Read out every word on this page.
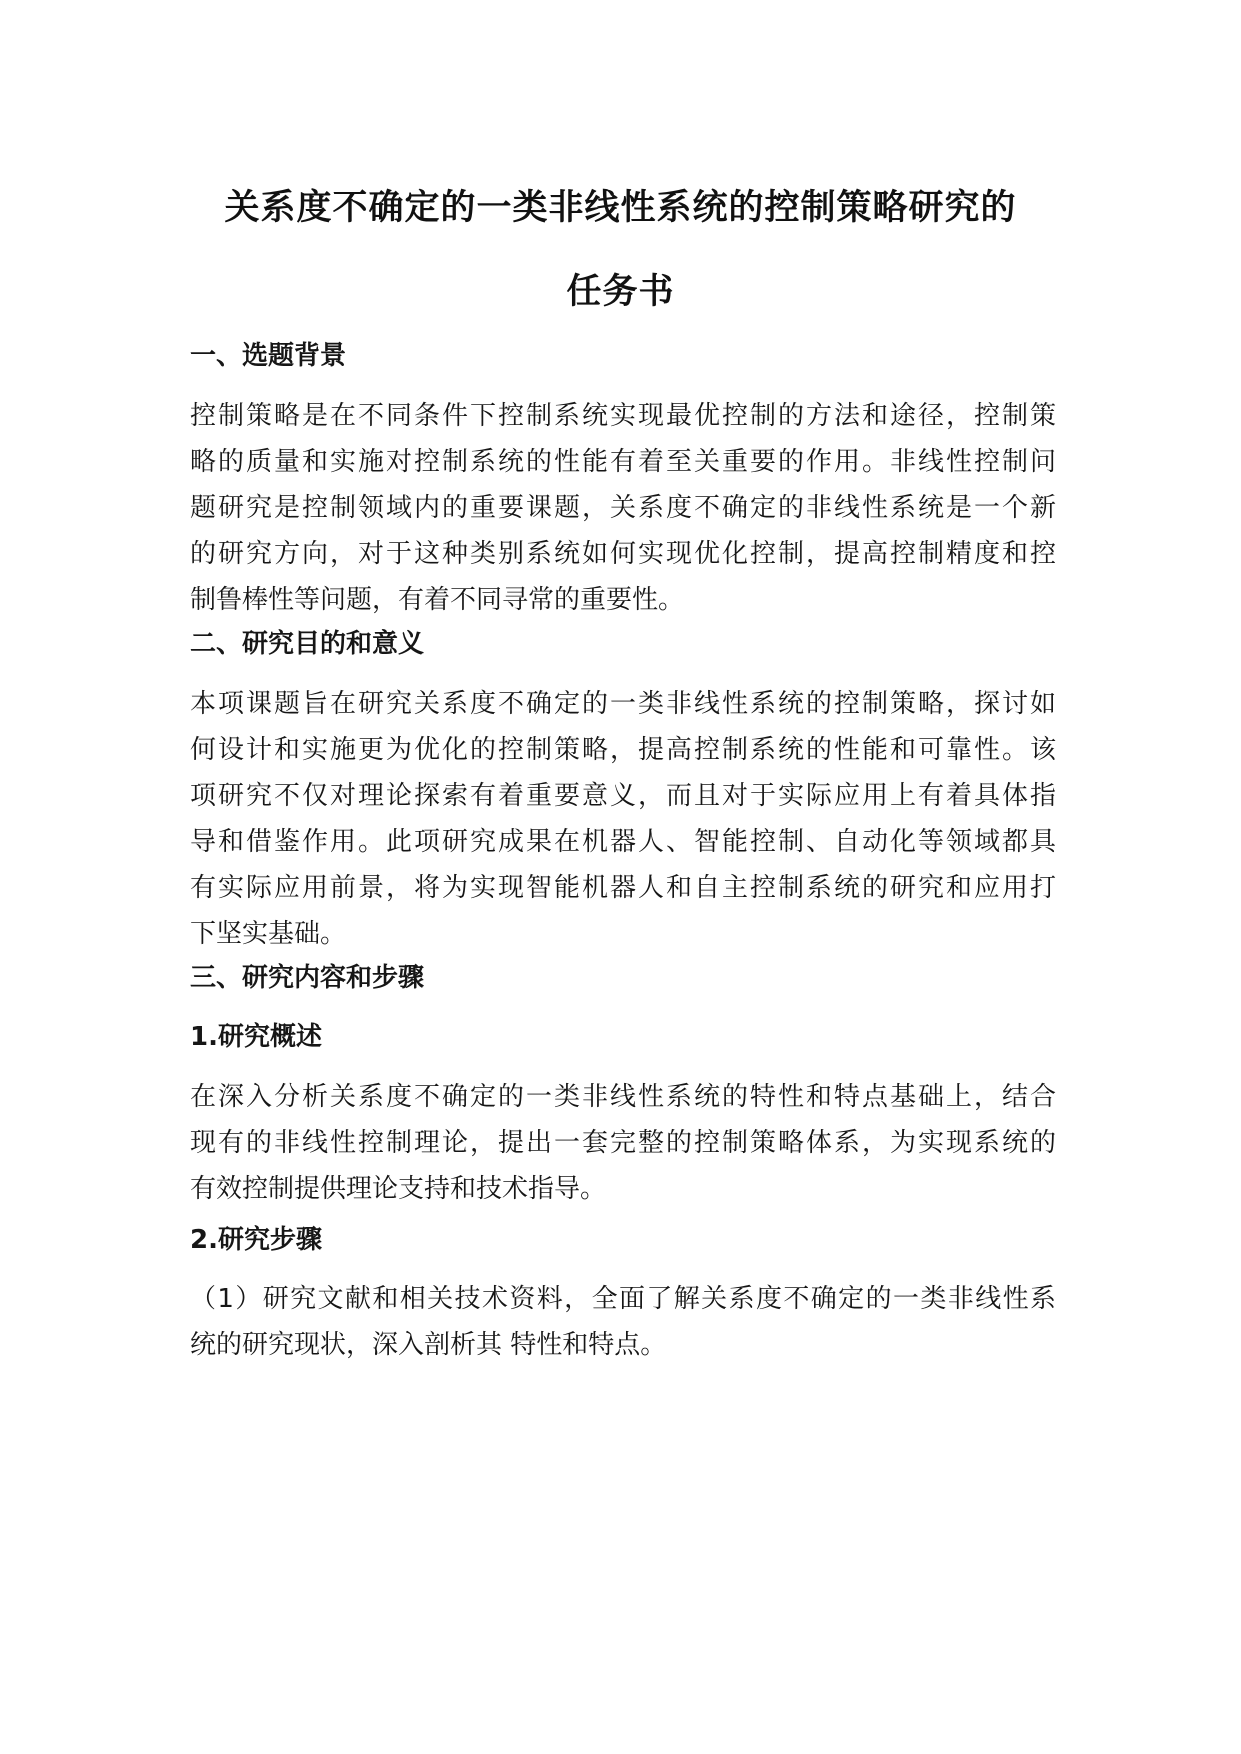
关系度不确定的一类非线性系统的控制策略研究的
任务书
一、选题背景

控制策略是在不同条件下控制系统实现最优控制的方法和途径，控制策
略的质量和实施对控制系统的性能有着至关重要的作用。非线性控制问
题研究是控制领域内的重要课题，关系度不确定的非线性系统是一个新
的研究方向，对于这种类别系统如何实现优化控制，提高控制精度和控
制鲁棒性等问题，有着不同寻常的重要性。

二、研究目的和意义

本项课题旨在研究关系度不确定的一类非线性系统的控制策略，探讨如
何设计和实施更为优化的控制策略，提高控制系统的性能和可靠性。该
项研究不仅对理论探索有着重要意义，而且对于实际应用上有着具体指
导和借鉴作用。此项研究成果在机器人、智能控制、自动化等领域都具
有实际应用前景，将为实现智能机器人和自主控制系统的研究和应用打
下坚实基础。

三、研究内容和步骤
1.研究概述

在深入分析关系度不确定的一类非线性系统的特性和特点基础上，结合
现有的非线性控制理论，提出一套完整的控制策略体系，为实现系统的
有效控制提供理论支持和技术指导。

2.研究步骤

（1）研究文献和相关技术资料，全面了解关系度不确定的一类非线性系
统的研究现状，深入剖析其 特性和特点。
